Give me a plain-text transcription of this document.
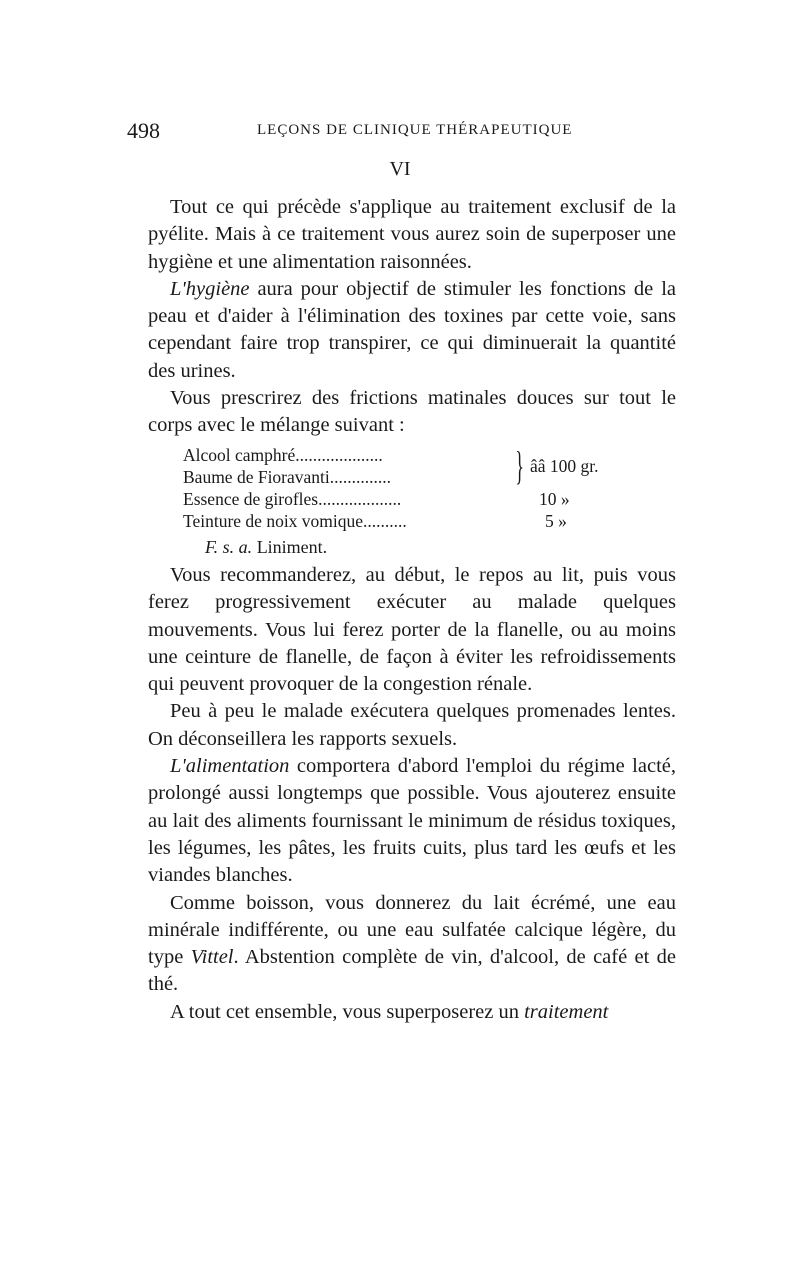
498	LEÇONS DE CLINIQUE THÉRAPEUTIQUE
VI

Tout ce qui précède s'applique au traitement exclusif de la pyélite. Mais à ce traitement vous aurez soin de superposer une hygiène et une alimentation raisonnées.

L'hygiène aura pour objectif de stimuler les fonctions de la peau et d'aider à l'élimination des toxines par cette voie, sans cependant faire trop transpirer, ce qui diminuerait la quantité des urines.

Vous prescrirez des frictions matinales douces sur tout le corps avec le mélange suivant :

Alcool camphré....................
Baume de Fioravanti..............	} ââ 100 gr.
Essence de girofles...................	10 »
Teinture de noix vomique..........	5 »
F. s. a. Liniment.

Vous recommanderez, au début, le repos au lit, puis vous ferez progressivement exécuter au malade quelques mouvements. Vous lui ferez porter de la flanelle, ou au moins une ceinture de flanelle, de façon à éviter les refroidissements qui peuvent provoquer de la congestion rénale.

Peu à peu le malade exécutera quelques promenades lentes. On déconseillera les rapports sexuels.

L'alimentation comportera d'abord l'emploi du régime lacté, prolongé aussi longtemps que possible. Vous ajouterez ensuite au lait des aliments fournissant le minimum de résidus toxiques, les légumes, les pâtes, les fruits cuits, plus tard les œufs et les viandes blanches.

Comme boisson, vous donnerez du lait écrémé, une eau minérale indifférente, ou une eau sulfatée calcique légère, du type Vittel. Abstention complète de vin, d'alcool, de café et de thé.

A tout cet ensemble, vous superposerez un traitement
